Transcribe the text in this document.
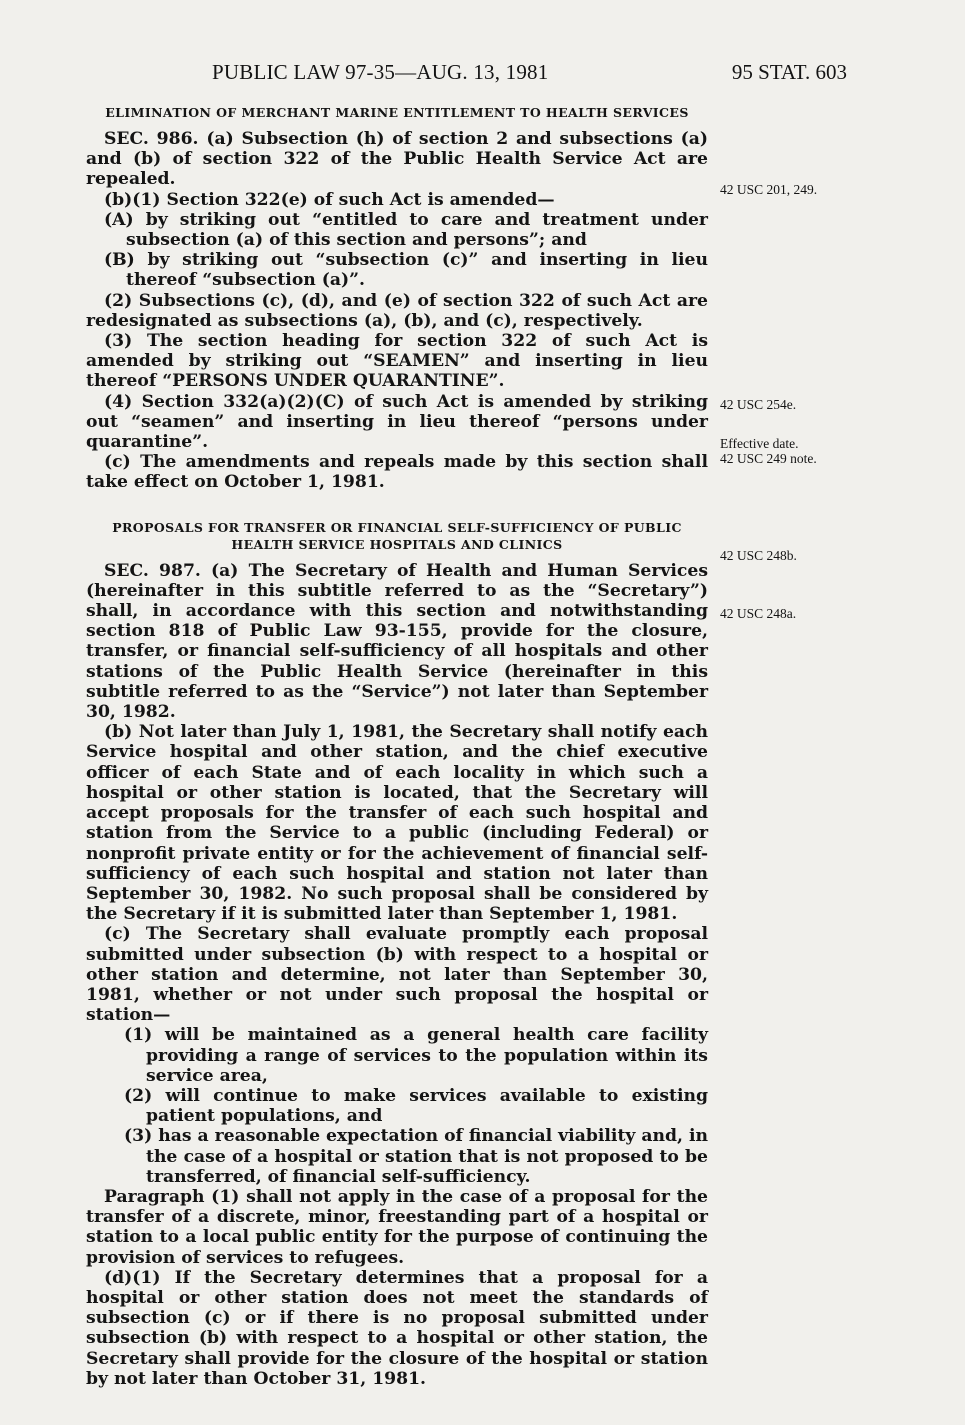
PUBLIC LAW 97-35—AUG. 13, 1981	95 STAT. 603
ELIMINATION OF MERCHANT MARINE ENTITLEMENT TO HEALTH SERVICES

SEC. 986. (a) Subsection (h) of section 2 and subsections (a) and (b) of section 322 of the Public Health Service Act are repealed.

(b)(1) Section 322(e) of such Act is amended—

(A) by striking out “entitled to care and treatment under subsection (a) of this section and persons”; and

(B) by striking out “subsection (c)” and inserting in lieu thereof “subsection (a)”.

(2) Subsections (c), (d), and (e) of section 322 of such Act are redesignated as subsections (a), (b), and (c), respectively.

(3) The section heading for section 322 of such Act is amended by striking out “SEAMEN” and inserting in lieu thereof “PERSONS UNDER QUARANTINE”.

(4) Section 332(a)(2)(C) of such Act is amended by striking out “seamen” and inserting in lieu thereof “persons under quarantine”.

(c) The amendments and repeals made by this section shall take effect on October 1, 1981.

PROPOSALS FOR TRANSFER OR FINANCIAL SELF-SUFFICIENCY OF PUBLIC HEALTH SERVICE HOSPITALS AND CLINICS

SEC. 987. (a) The Secretary of Health and Human Services (hereinafter in this subtitle referred to as the “Secretary”) shall, in accordance with this section and notwithstanding section 818 of Public Law 93-155, provide for the closure, transfer, or financial self-sufficiency of all hospitals and other stations of the Public Health Service (hereinafter in this subtitle referred to as the “Service”) not later than September 30, 1982.

(b) Not later than July 1, 1981, the Secretary shall notify each Service hospital and other station, and the chief executive officer of each State and of each locality in which such a hospital or other station is located, that the Secretary will accept proposals for the transfer of each such hospital and station from the Service to a public (including Federal) or nonprofit private entity or for the achievement of financial self-sufficiency of each such hospital and station not later than September 30, 1982. No such proposal shall be considered by the Secretary if it is submitted later than September 1, 1981.

(c) The Secretary shall evaluate promptly each proposal submitted under subsection (b) with respect to a hospital or other station and determine, not later than September 30, 1981, whether or not under such proposal the hospital or station—

(1) will be maintained as a general health care facility providing a range of services to the population within its service area,

(2) will continue to make services available to existing patient populations, and

(3) has a reasonable expectation of financial viability and, in the case of a hospital or station that is not proposed to be transferred, of financial self-sufficiency.

Paragraph (1) shall not apply in the case of a proposal for the transfer of a discrete, minor, freestanding part of a hospital or station to a local public entity for the purpose of continuing the provision of services to refugees.

(d)(1) If the Secretary determines that a proposal for a hospital or other station does not meet the standards of subsection (c) or if there is no proposal submitted under subsection (b) with respect to a hospital or other station, the Secretary shall provide for the closure of the hospital or station by not later than October 31, 1981.

42 USC 201, 249.
42 USC 254e.
Effective date.
42 USC 249 note.
42 USC 248b.
42 USC 248a.
